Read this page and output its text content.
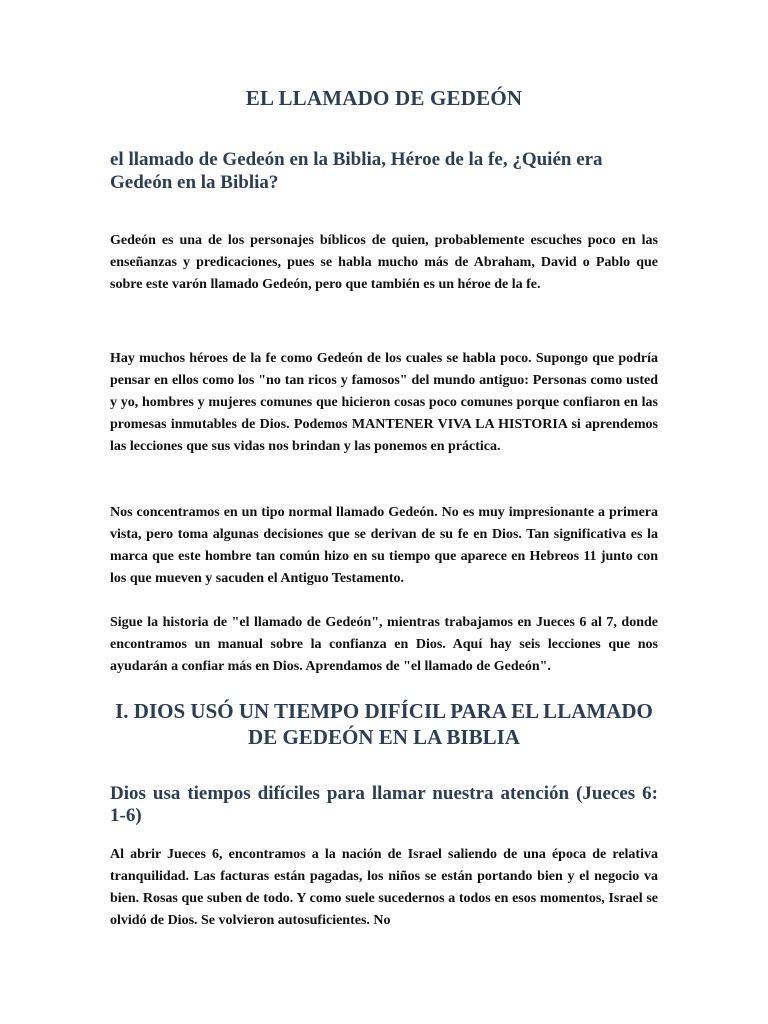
EL LLAMADO DE GEDEÓN
el llamado de Gedeón en la Biblia, Héroe de la fe, ¿Quién era Gedeón en la Biblia?

Gedeón es una de los personajes bíblicos de quien, probablemente escuches poco en las enseñanzas y predicaciones, pues se habla mucho más de Abraham, David o Pablo que sobre este varón llamado Gedeón, pero que también es un héroe de la fe.

Hay muchos héroes de la fe como Gedeón de los cuales se habla poco. Supongo que podría pensar en ellos como los "no tan ricos y famosos" del mundo antiguo: Personas como usted y yo, hombres y mujeres comunes que hicieron cosas poco comunes porque confiaron en las promesas inmutables de Dios. Podemos MANTENER VIVA LA HISTORIA si aprendemos las lecciones que sus vidas nos brindan y las ponemos en práctica.

Nos concentramos en un tipo normal llamado Gedeón. No es muy impresionante a primera vista, pero toma algunas decisiones que se derivan de su fe en Dios. Tan significativa es la marca que este hombre tan común hizo en su tiempo que aparece en Hebreos 11 junto con los que mueven y sacuden el Antiguo Testamento.

Sigue la historia de "el llamado de Gedeón", mientras trabajamos en Jueces 6 al 7, donde encontramos un manual sobre la confianza en Dios. Aquí hay seis lecciones que nos ayudarán a confiar más en Dios. Aprendamos de "el llamado de Gedeón".

I. DIOS USÓ UN TIEMPO DIFÍCIL PARA EL LLAMADO DE GEDEÓN EN LA BIBLIA
Dios usa tiempos difíciles para llamar nuestra atención (Jueces 6: 1-6)

Al abrir Jueces 6, encontramos a la nación de Israel saliendo de una época de relativa tranquilidad. Las facturas están pagadas, los niños se están portando bien y el negocio va bien. Rosas que suben de todo. Y como suele sucedernos a todos en esos momentos, Israel se olvidó de Dios. Se volvieron autosuficientes. No
